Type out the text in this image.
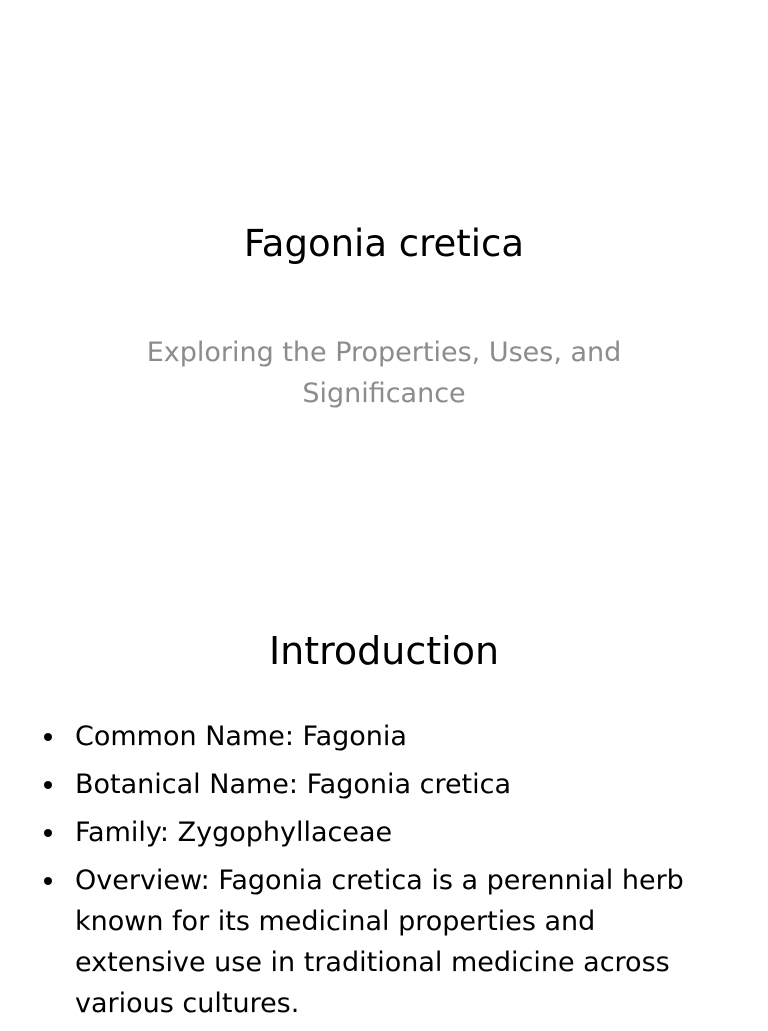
Fagonia cretica

Exploring the Properties, Uses, and Significance

Introduction
Common Name: Fagonia
Botanical Name: Fagonia cretica
Family: Zygophyllaceae
Overview: Fagonia cretica is a perennial herb known for its medicinal properties and extensive use in traditional medicine across various cultures.
